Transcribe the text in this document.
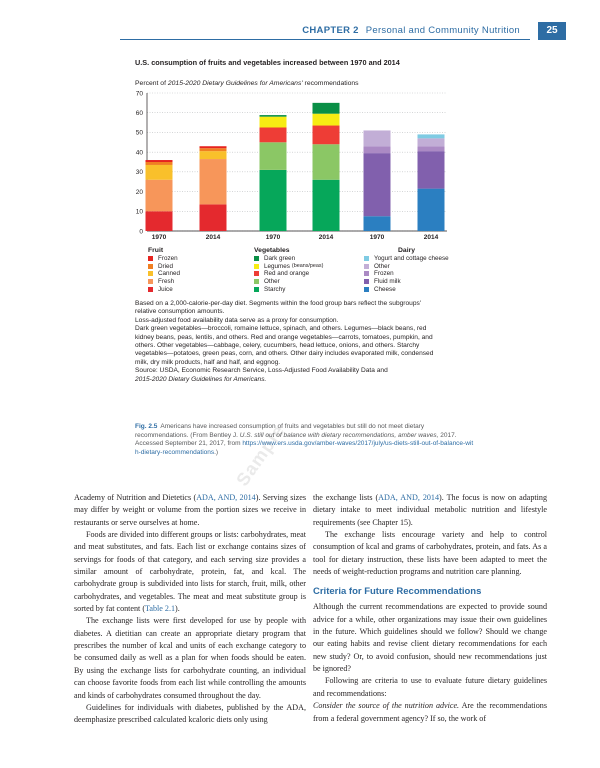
CHAPTER 2 Personal and Community Nutrition	25
U.S. consumption of fruits and vegetables increased between 1970 and 2014
Percent of 2015-2020 Dietary Guidelines for Americans' recommendations
0
10
20
30
40
50
60
70
1970	2014	1970	2014	1970	2014
Fruit
Frozen
Dried
Canned
Fresh
Juice
Vegetables
Dark green
Legumes (beans/peas)
Red and orange
Other
Starchy
Dairy
Yogurt and cottage cheese
Other
Frozen
Fluid milk
Cheese

Based on a 2,000-calorie-per-day diet. Segments within the food group bars reflect the subgroups' relative consumption amounts.

Loss-adjusted food availability data serve as a proxy for consumption.

Dark green vegetables—broccoli, romaine lettuce, spinach, and others. Legumes—black beans, red kidney beans, peas, lentils, and others. Red and orange vegetables—carrots, tomatoes, pumpkin, and others. Other vegetables—cabbage, celery, cucumbers, head lettuce, onions, and others. Starchy vegetables—potatoes, green peas, corn, and others. Other dairy includes evaporated milk, condensed milk, dry milk products, half and half, and eggnog.

Source: USDA, Economic Research Service, Loss-Adjusted Food Availability Data and
2015-2020 Dietary Guidelines for Americans.

Sample
Fig. 2.5 Americans have increased consumption of fruits and vegetables but still do not meet dietary recommendations. (From Bentley J. U.S. still out of balance with dietary recommendations, amber waves, 2017. Accessed September 21, 2017, from https://www.ers.usda.gov/amber-waves/2017/july/us-diets-still-out-of-balance-with-dietary-recommendations.)

Academy of Nutrition and Dietetics (ADA, AND, 2014). Serving sizes may differ by weight or volume from the portion sizes we receive in restaurants or serve ourselves at home.

Foods are divided into different groups or lists: carbohydrates, meat and meat substitutes, and fats. Each list or exchange contains sizes of servings for foods of that category, and each serving size provides a similar amount of carbohydrate, protein, fat, and kcal. The carbohydrate group is subdivided into lists for starch, fruit, milk, other carbohydrates, and vegetables. The meat and meat substitute group is sorted by fat content (Table 2.1).

The exchange lists were first developed for use by people with diabetes. A dietitian can create an appropriate dietary program that prescribes the number of kcal and units of each exchange category to be consumed daily as well as a plan for when foods should be eaten. By using the exchange lists for carbohydrate counting, an individual can choose favorite foods from each list while controlling the amounts and kinds of carbohydrates consumed throughout the day.

Guidelines for individuals with diabetes, published by the ADA, deemphasize prescribed calculated kcaloric diets only using

the exchange lists (ADA, AND, 2014). The focus is now on adapting dietary intake to meet individual metabolic nutrition and lifestyle requirements (see Chapter 15).

The exchange lists encourage variety and help to control consumption of kcal and grams of carbohydrates, protein, and fats. As a tool for dietary instruction, these lists have been adapted to meet the needs of weight-reduction programs and nutrition care planning.

Criteria for Future Recommendations

Although the current recommendations are expected to provide sound advice for a while, other organizations may issue their own guidelines in the future. Which guidelines should we follow? Should we change our eating habits and revise client dietary recommendations for each new study? Or, to avoid confusion, should new recommendations just be ignored?

Following are criteria to use to evaluate future dietary guidelines and recommendations:

Consider the source of the nutrition advice. Are the recommendations from a federal government agency? If so, the work of
